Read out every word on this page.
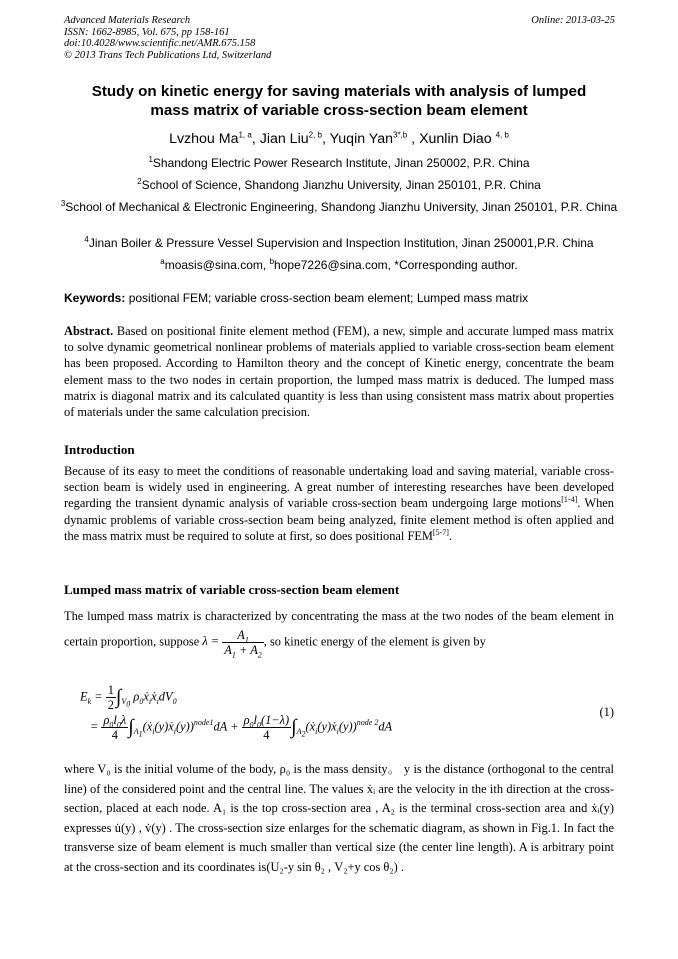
Advanced Materials Research
ISSN: 1662-8985, Vol. 675, pp 158-161
doi:10.4028/www.scientific.net/AMR.675.158
© 2013 Trans Tech Publications Ltd, Switzerland
Online: 2013-03-25
Study on kinetic energy for saving materials with analysis of lumped
mass matrix of variable cross-section beam element
Lvzhou Ma$^{1, a}$, Jian Liu$^{2, b}$, Yuqin Yan$^{3*,b}$ , Xunlin Diao $^{4, b}$
$^1$Shandong Electric Power Research Institute, Jinan 250002, P.R. China
$^2$School of Science, Shandong Jianzhu University, Jinan 250101, P.R. China
$^3$School of Mechanical & Electronic Engineering, Shandong Jianzhu University, Jinan 250101, P.R. China
$^4$Jinan Boiler & Pressure Vessel Supervision and Inspection Institution, Jinan 250001,P.R. China
$^a$moasis@sina.com, $^b$hope7226@sina.com, *Corresponding author.
Keywords: positional FEM; variable cross-section beam element; Lumped mass matrix
Abstract. Based on positional finite element method (FEM), a new, simple and accurate lumped mass matrix to solve dynamic geometrical nonlinear problems of materials applied to variable cross-section beam element has been proposed. According to Hamilton theory and the concept of Kinetic energy, concentrate the beam element mass to the two nodes in certain proportion, the lumped mass matrix is deduced. The lumped mass matrix is diagonal matrix and its calculated quantity is less than using consistent mass matrix about properties of materials under the same calculation precision.
Introduction
Because of its easy to meet the conditions of reasonable undertaking load and saving material, variable cross-section beam is widely used in engineering. A great number of interesting researches have been developed regarding the transient dynamic analysis of variable cross-section beam undergoing large motions[1-4]. When dynamic problems of variable cross-section beam being analyzed, finite element method is often applied and the mass matrix must be required to solute at first, so does positional FEM[5-7].
Lumped mass matrix of variable cross-section beam element
The lumped mass matrix is characterized by concentrating the mass at the two nodes of the beam element in certain proportion, suppose $\lambda = \frac{A_1}{A_1 + A_2}$ , so kinetic energy of the element is given by
$E_k = \frac{1}{2} \int_{V_0}$ $\rho_0ẋ_iẋ_idV_0$
= $\frac{\rho_0l_0\lambda}{4}$ $\int_{A_1}(ẋ_i(y)ẋ_i(y))^{node1}dA + \frac{\rho_0l_0(1-\lambda)}{4}$ $\int_{A_2}(ẋ_i(y)ẋ_i(y))^{node 2}dA$
(1)
where V₀ is the initial volume of the body, ρ₀ is the mass density。 y is the distance (orthogonal to the central line) of the considered point and the central line. The values ẋᵢ are the velocity in the ith direction at the cross-section, placed at each node. A₁ is the top cross-section area , A₂ is the terminal cross-section area and ẋᵢ(y) expresses u̇(y) , v̇(y) . The cross-section size enlarges for the schematic diagram, as shown in Fig.1. In fact the transverse size of beam element is much smaller than vertical size (the center line length). A is arbitrary point at the cross-section and its coordinates is(U₂-y sin θ₂ , V₂+y cos θ₂) .
